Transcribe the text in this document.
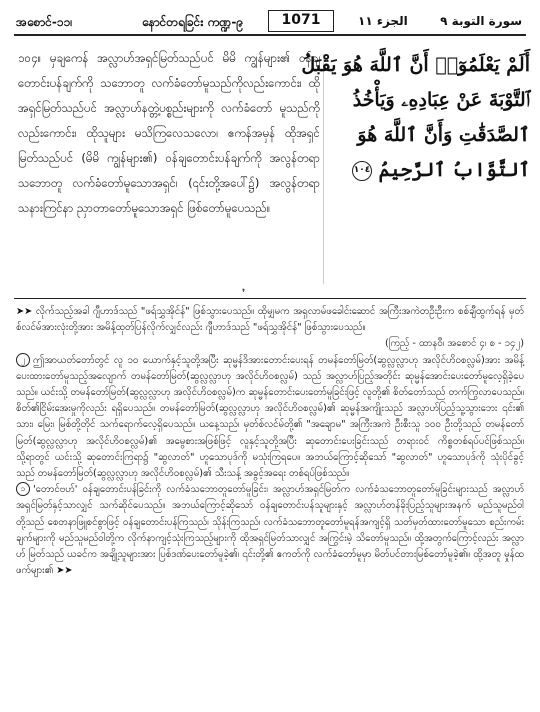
အစောင်-၁၁၊	နောင်တရခြင်း ကဏ္ဍ-၉	1071	الجزء ١١	سورة التوبة ٩
၁၀၄။ မှချကေန် အလ္လာဟ်အရှင်မြတ်သည်ပင် မိမိ ကျွန်များ၏ ဝန်ချ တောင်းပန်ချက်ကို သဘောတူ လက်ခံတော်မူသည်ကိုလည်းကောင်း၊ ထိုအရှင်မြတ်သည်ပင် အလ္လာဟ်နတ္တဲ့ပစ္စည်းများကို လက်ခံတော် မူသည်ကိုလည်းကောင်း၊ ထိုသူများ မသိကြလေသလော၊ ဧကန်အမှန် ထိုအရှင်မြတ်သည်ပင် (မိမိ ကျွန်များ၏) ဝန်ချတောင်းပန်ချက်ကို အလွန်တရာ သဘောတူ လက်ခံတော်မူသောအရှင်၊ (၎င်းတို့အပေါ်၌) အလွန်တရာ သနားကြင်နာ ညှာတာတော်မူသောအရှင် ဖြစ်တော်မူပေသည်။
❜
أَلَمْ يَعْلَمُوٓا۟ أَنَّ ٱللَّهَ هُوَ يَقْبَلُ
ٱلتَّوْبَةَ عَنْ عِبَادِهِۦ وَيَأْخُذُ
ٱلصَّدَقَٰتِ وَأَنَّ ٱللَّهَ هُوَ
ٱلتَّوَّابُ ٱلرَّحِيمُ ١٠٤

➤➤ လိုက်သည့်အခါ ဂျီဟာဒ်သည် "ဖရ်သွှအိုင်န်" ဖြစ်သွားပေသည်။ ထိုမျှမက အရှလာမ်ဖခေါင်းဆောင် အကြီးအကဲတဦးဦးက စစ်ချီထွက်ရန် မှတ်စ်လင်မ်အားလုံးတို့အား အမိန့်ထုတ်ပြန်လိုက်လျှင်လည်း ဂျီဟာဒ်သည် "ဖရ်သွှအိုင်န်" ဖြစ်သွားပေသည်။

(ကြည့် - ထာနဝီ၊ အစောင် ၄၊ စ - ၁၄၂)

၂ ဤအာယတ်တော်တွင် လူ ၁၀ ယောက်နှင့်သူတို့အပြီး ဆုမ္မန်ဒိအားတောင်းပေးရန် တမန်တော်မြတ်(ဆွလ္လလ္လာဟု အလိုင်ဟိဝစလ္လမ်)အား အမိန့်ပေးထားတော်မူသည့်အလျောက် တမန်တော်မြတ်(ဆွလ္လလ္လာဟု အလိုင်ဟိဝစလ္လမ်) သည် အလ္လာဟ်ပြည့်အတိုင်း ဆုမ္မန်အောင်းပေးတော်မူလေ့ရှိခဲ့ပေသည်။ ယင်းသို့ တမန်တော်မြတ်(ဆွလ္လလ္လာဟု အလိုင်ဟိဝစလ္လမ်)က ဆုမ္မန်တောင်းပေးတော်မူခြင်းဖြင့် လူတို့၏ စိတ်တော်သည် တက်ကြွလာပေသည်။ စိတ်၏ငြိမ်းအေးမှုကိုလည်း ရရှိပေသည်။ တမန်တော်မြတ်(ဆွလ္လလ္လာဟု အလိုင်ဟိဝစလ္လမ်)၏ ဆုမ္မန်အကျိုးသည် အလ္လာဟ်ပြည့်သူ့သွားဘေး ၎င်း၏ သား၊ မြေး၊ မြစ်တို့တိုင် သက်ရောက်လေ့ရှိပေသည်။ ယနေ့သည်၊ မှတ်စ်လင်မ်တို့၏ "အချောမ" အကြီးအကဲ ဦးစီးသူ ၁၀၀ ဦးတို့သည် တမန်တော်မြတ်(ဆွလ္လလ္လာဟု အလိုင်ဟိဝစလ္လမ်)၏ အမွေစားအဖြစ်ဖြင့် လူနှင့်သူတို့အပြီး ဆုတောင်းပေးခြင်းသည် တရားဝင် ကိစ္စတစ်ရပ်ပင်ဖြစ်သည်။ သို့ရာတွင် ယင်းသို့ ဆုတောင်းကြရာ၌ "ဆွလာတ်" ဟူသောပုဒ်ကို မသုံးကြရပေ။ အဘယ်ကြောင့်ဆိုသော် "ဆွလာတ်" ဟူသောပုဒ်ကို သုံးပိုင်ခွင့်သည် တမန်တော်မြတ်(ဆွလ္လလ္လာဟု အလိုင်ဟိဝစလ္လမ်)၏ သီးသန့် အခွင့်အရေး တစ်ရပ်ဖြစ်သည်။

၁ 'တောင်ဗဟ်' ဝန်ချတောင်းပန်ခြင်းကို လက်ခံသဘောတူတော်မူခြင်း၊ အလ္လာဟ်အရှင်မြတ်က လက်ခံသဘောတူတော်မူခြင်းများသည် အလ္လာဟ်အရှင်မြတ်နှင့်သာလျှင် သက်ဆိုင်ပေသည်။ အဘယ်ကြောင့်ဆိုသော် ဝန်ချတောင်းပန်သူများနှင့် အလ္လာဟ်တန်ခိုးပြည့်သူများအနက် မည်သူမည်ဝါတို့သည် စေတနာဖြူစင်စွာဖြင့် ဝန်ချတောင်းပန်ကြသည်၊ သိုန်းကြသည်၊ လက်ခံသဘောတူတော်မူရန်အကျင့်ရှိ သတ်မှတ်ထားတော်မူသော စည်းကမ်းချက်များကို မည်သူမည်ဝါတို့က လိုက်နာကျင့်သုံးကြသည့်များကို ထိုအရှင်မြတ်သာလျှင် အကြွင်းမဲ့ သိတော်မူသည်။ ထို့အတွက်ကြောင့်လည်း အလ္လာဟ် မြတ်သည် ယခင်က အချို့သူများအား ပြစ်ဒဏ်ပေးတော်မူခဲ့၏၊ ၎င်းတို့၏ ဧကတ်ကို လက်ခံတော်မူမှာ မိတ်ပင်တားမြစ်တော်မူခဲ့၏။ ထို့အတူ မှုန်ထဖက်များ၏ ➤➤
